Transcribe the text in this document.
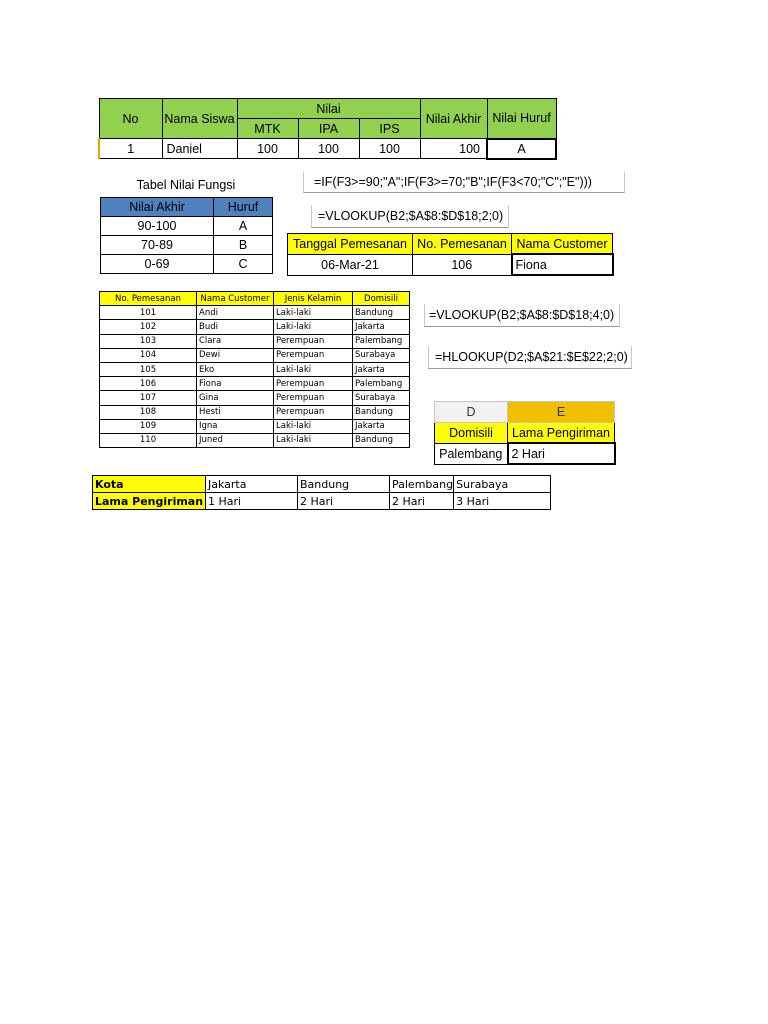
No	Nama Siswa	Nilai			Nilai Akhir	Nilai Huruf
		MTK	IPA	IPS		
1	Daniel	100	100	100	100	A
=IF(F3>=90;"A";IF(F3>=70;"B";IF(F3<70;"C";"E")))
Tabel Nilai Fungsi
Nilai Akhir	Huruf
90-100	A
70-89	B
0-69	C
=VLOOKUP(B2;$A$8:$D$18;2;0)
Tanggal Pemesanan	No. Pemesanan	Nama Customer
06-Mar-21	106	Fiona
No. Pemesanan	Nama Customer	Jenis Kelamin	Domisili
101	Andi	Laki-laki	Bandung
102	Budi	Laki-laki	Jakarta
103	Clara	Perempuan	Palembang
104	Dewi	Perempuan	Surabaya
105	Eko	Laki-laki	Jakarta
106	Fiona	Perempuan	Palembang
107	Gina	Perempuan	Surabaya
108	Hesti	Perempuan	Bandung
109	Igna	Laki-laki	Jakarta
110	Juned	Laki-laki	Bandung
=VLOOKUP(B2;$A$8:$D$18;4;0)
=HLOOKUP(D2;$A$21:$E$22;2;0)
D	E
Domisili	Lama Pengiriman
Palembang	2 Hari
Kota	Jakarta	Bandung	Palembang	Surabaya
Lama Pengiriman	1 Hari	2 Hari	2 Hari	3 Hari
